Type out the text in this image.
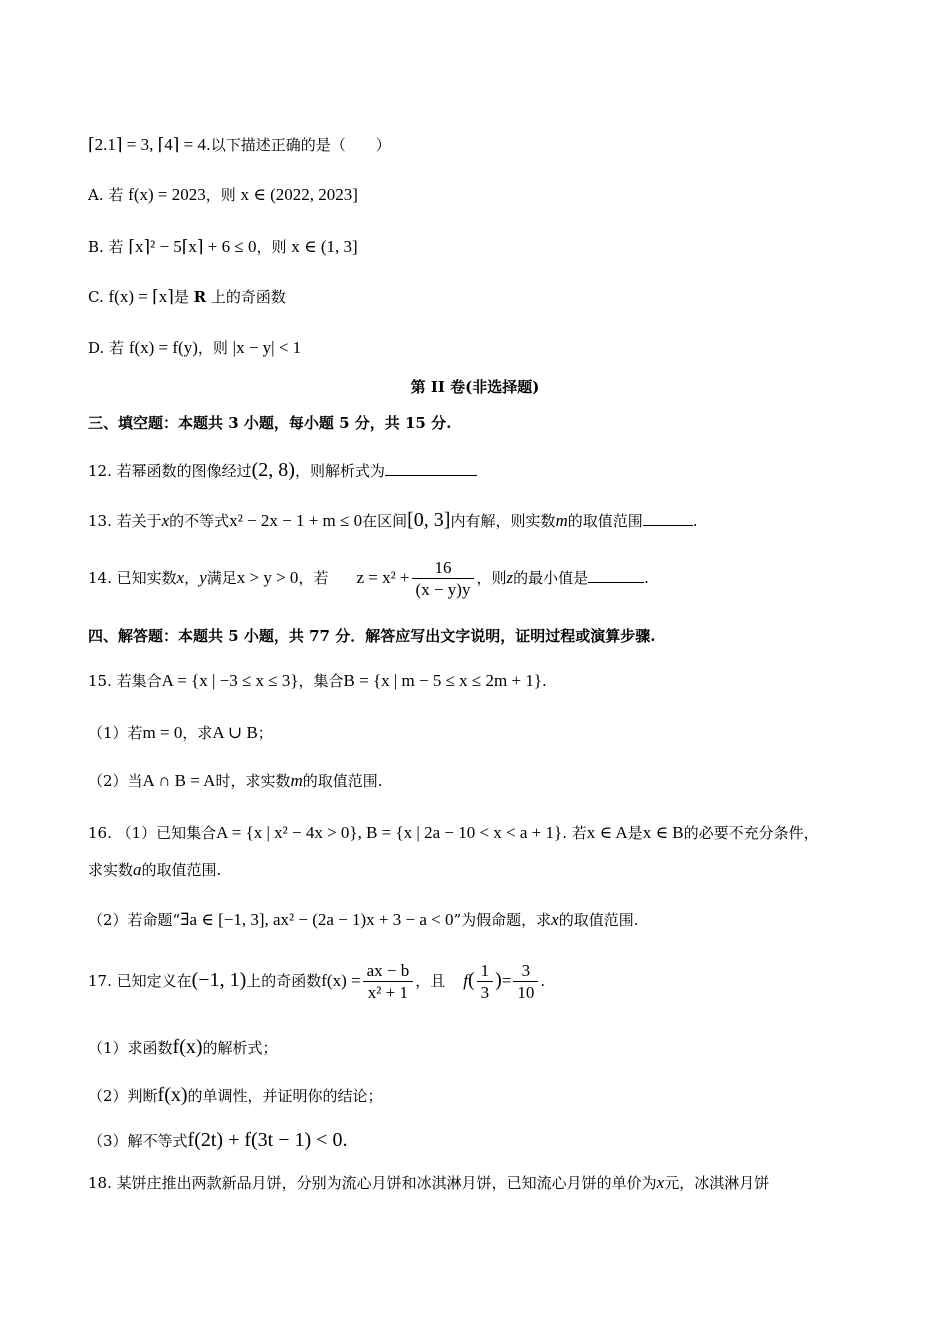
⌈2.1⌉ = 3, ⌈4⌉ = 4.以下描述正确的是（　　）
A. 若 f(x) = 2023，则 x ∈ (2022, 2023]
B. 若 ⌈x⌉² − 5⌈x⌉ + 6 ≤ 0，则 x ∈ (1, 3]
C. f(x) = ⌈x⌉是 R 上的奇函数
D. 若 f(x) = f(y)，则 |x − y| < 1
第 II 卷(非选择题)
三、填空题：本题共 3 小题，每小题 5 分，共 15 分.
12. 若幂函数的图像经过(2, 8)，则解析式为
13. 若关于x的不等式x² − 2x − 1 + m ≤ 0在区间[0, 3]内有解，则实数m的取值范围	.
14. 已知实数x，y满足x > y > 0，若 $z = x^2 + \frac{16}{(x - y)y}$ ，则z的最小值是	.
四、解答题：本题共 5 小题，共 77 分．解答应写出文字说明，证明过程或演算步骤.
15. 若集合A = {x | −3 ≤ x ≤ 3}，集合B = {x | m − 5 ≤ x ≤ 2m + 1}.
（1）若m = 0，求A ∪ B；
（2）当A ∩ B = A时，求实数m的取值范围.
16. （1）已知集合A = {x | x² − 4x > 0}, B = {x | 2a − 10 < x < a + 1}. 若x ∈ A是x ∈ B的必要不充分条件，
求实数a的取值范围.
（2）若命题“∃a ∈ [−1, 3], ax² − (2a − 1)x + 3 − a < 0”为假命题，求x的取值范围.
17. 已知定义在(−1, 1)上的奇函数$f(x) = \frac{ax - b}{\text{x² + 1}}$ ，且 $f( \frac{1}{3}$ )= $\frac{3}{10}$ .
（1）求函数f(x)的解析式；
（2）判断f(x)的单调性，并证明你的结论；
（3）解不等式f(2t) + f(3t − 1) < 0.
18. 某饼庄推出两款新品月饼，分别为流心月饼和冰淇淋月饼，已知流心月饼的单价为x元，冰淇淋月饼
